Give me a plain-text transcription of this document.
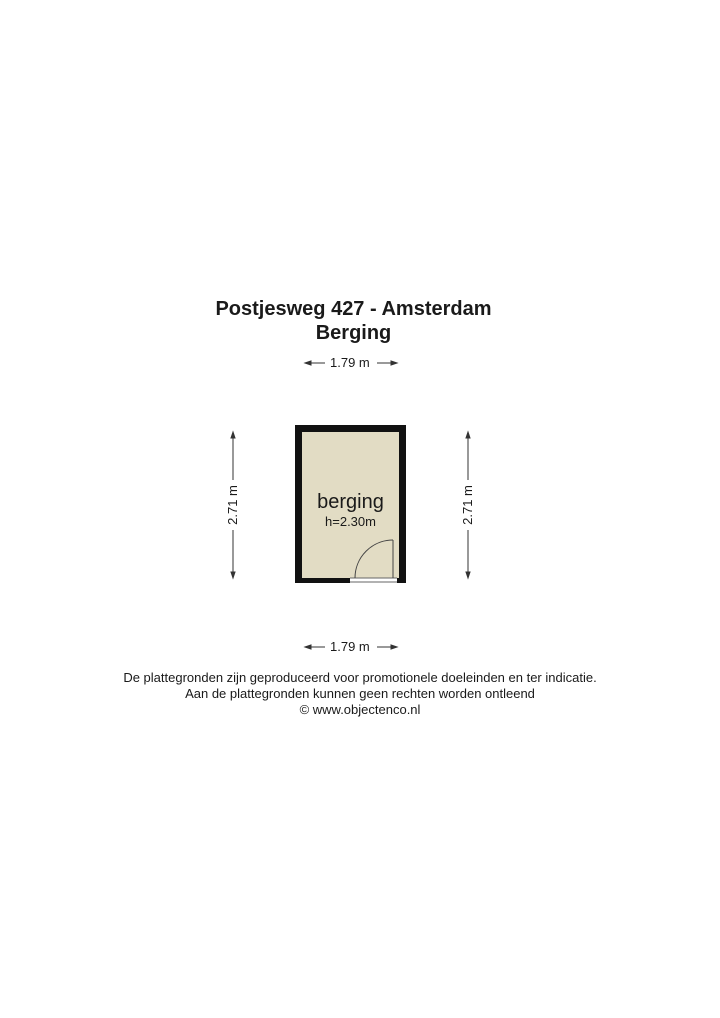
Postjesweg 427 - Amsterdam
Berging
1.79 m
1.79 m
2.71 m	2.71 m
berging
h=2.30m
De plattegronden zijn geproduceerd voor promotionele doeleinden en ter indicatie.
Aan de plattegronden kunnen geen rechten worden ontleend
© www.objectenco.nl
